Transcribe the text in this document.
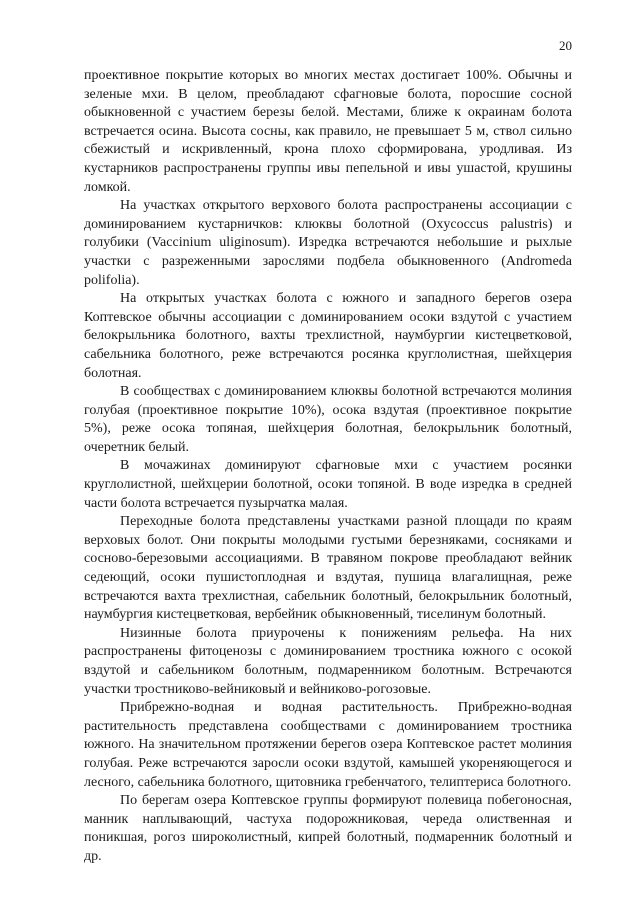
20

проективное покрытие которых во многих местах достигает 100%. Обычны и зеленые мхи. В целом, преобладают сфагновые болота, поросшие сосной обыкновенной с участием березы белой. Местами, ближе к окраинам болота встречается осина. Высота сосны, как правило, не превышает 5 м, ствол сильно сбежистый и искривленный, крона плохо сформирована, уродливая. Из кустарников распространены группы ивы пепельной и ивы ушастой, крушины ломкой.

На участках открытого верхового болота распространены ассоциации с доминированием кустарничков: клюквы болотной (Oxycoccus palustris) и голубики (Vaccinium uliginosum). Изредка встречаются небольшие и рыхлые участки с разреженными зарослями подбела обыкновенного (Andromeda polifolia).

На открытых участках болота с южного и западного берегов озера Коптевское обычны ассоциации с доминированием осоки вздутой с участием белокрыльника болотного, вахты трехлистной, наумбургии кистецветковой, сабельника болотного, реже встречаются росянка круглолистная, шейхцерия болотная.

В сообществах с доминированием клюквы болотной встречаются молиния голубая (проективное покрытие 10%), осока вздутая (проективное покрытие 5%), реже осока топяная, шейхцерия болотная, белокрыльник болотный, очеретник белый.

В мочажинах доминируют сфагновые мхи с участием росянки круглолистной, шейхцерии болотной, осоки топяной. В воде изредка в средней части болота встречается пузырчатка малая.

Переходные болота представлены участками разной площади по краям верховых болот. Они покрыты молодыми густыми березняками, сосняками и сосново-березовыми ассоциациями. В травяном покрове преобладают вейник седеющий, осоки пушистоплодная и вздутая, пушица влагалищная, реже встречаются вахта трехлистная, сабельник болотный, белокрыльник болотный, наумбургия кистецветковая, вербейник обыкновенный, тиселинум болотный.

Низинные болота приурочены к понижениям рельефа. На них распространены фитоценозы с доминированием тростника южного с осокой вздутой и сабельником болотным, подмаренником болотным. Встречаются участки тростниково-вейниковый и вейниково-рогозовые.

Прибрежно-водная и водная растительность. Прибрежно-водная растительность представлена сообществами с доминированием тростника южного. На значительном протяжении берегов озера Коптевское растет молиния голубая. Реже встречаются заросли осоки вздутой, камышей укореняющегося и лесного, сабельника болотного, щитовника гребенчатого, телиптериса болотного.

По берегам озера Коптевское группы формируют полевица побегоносная, манник наплывающий, частуха подорожниковая, череда олиственная и поникшая, рогоз широколистный, кипрей болотный, подмаренник болотный и др.
